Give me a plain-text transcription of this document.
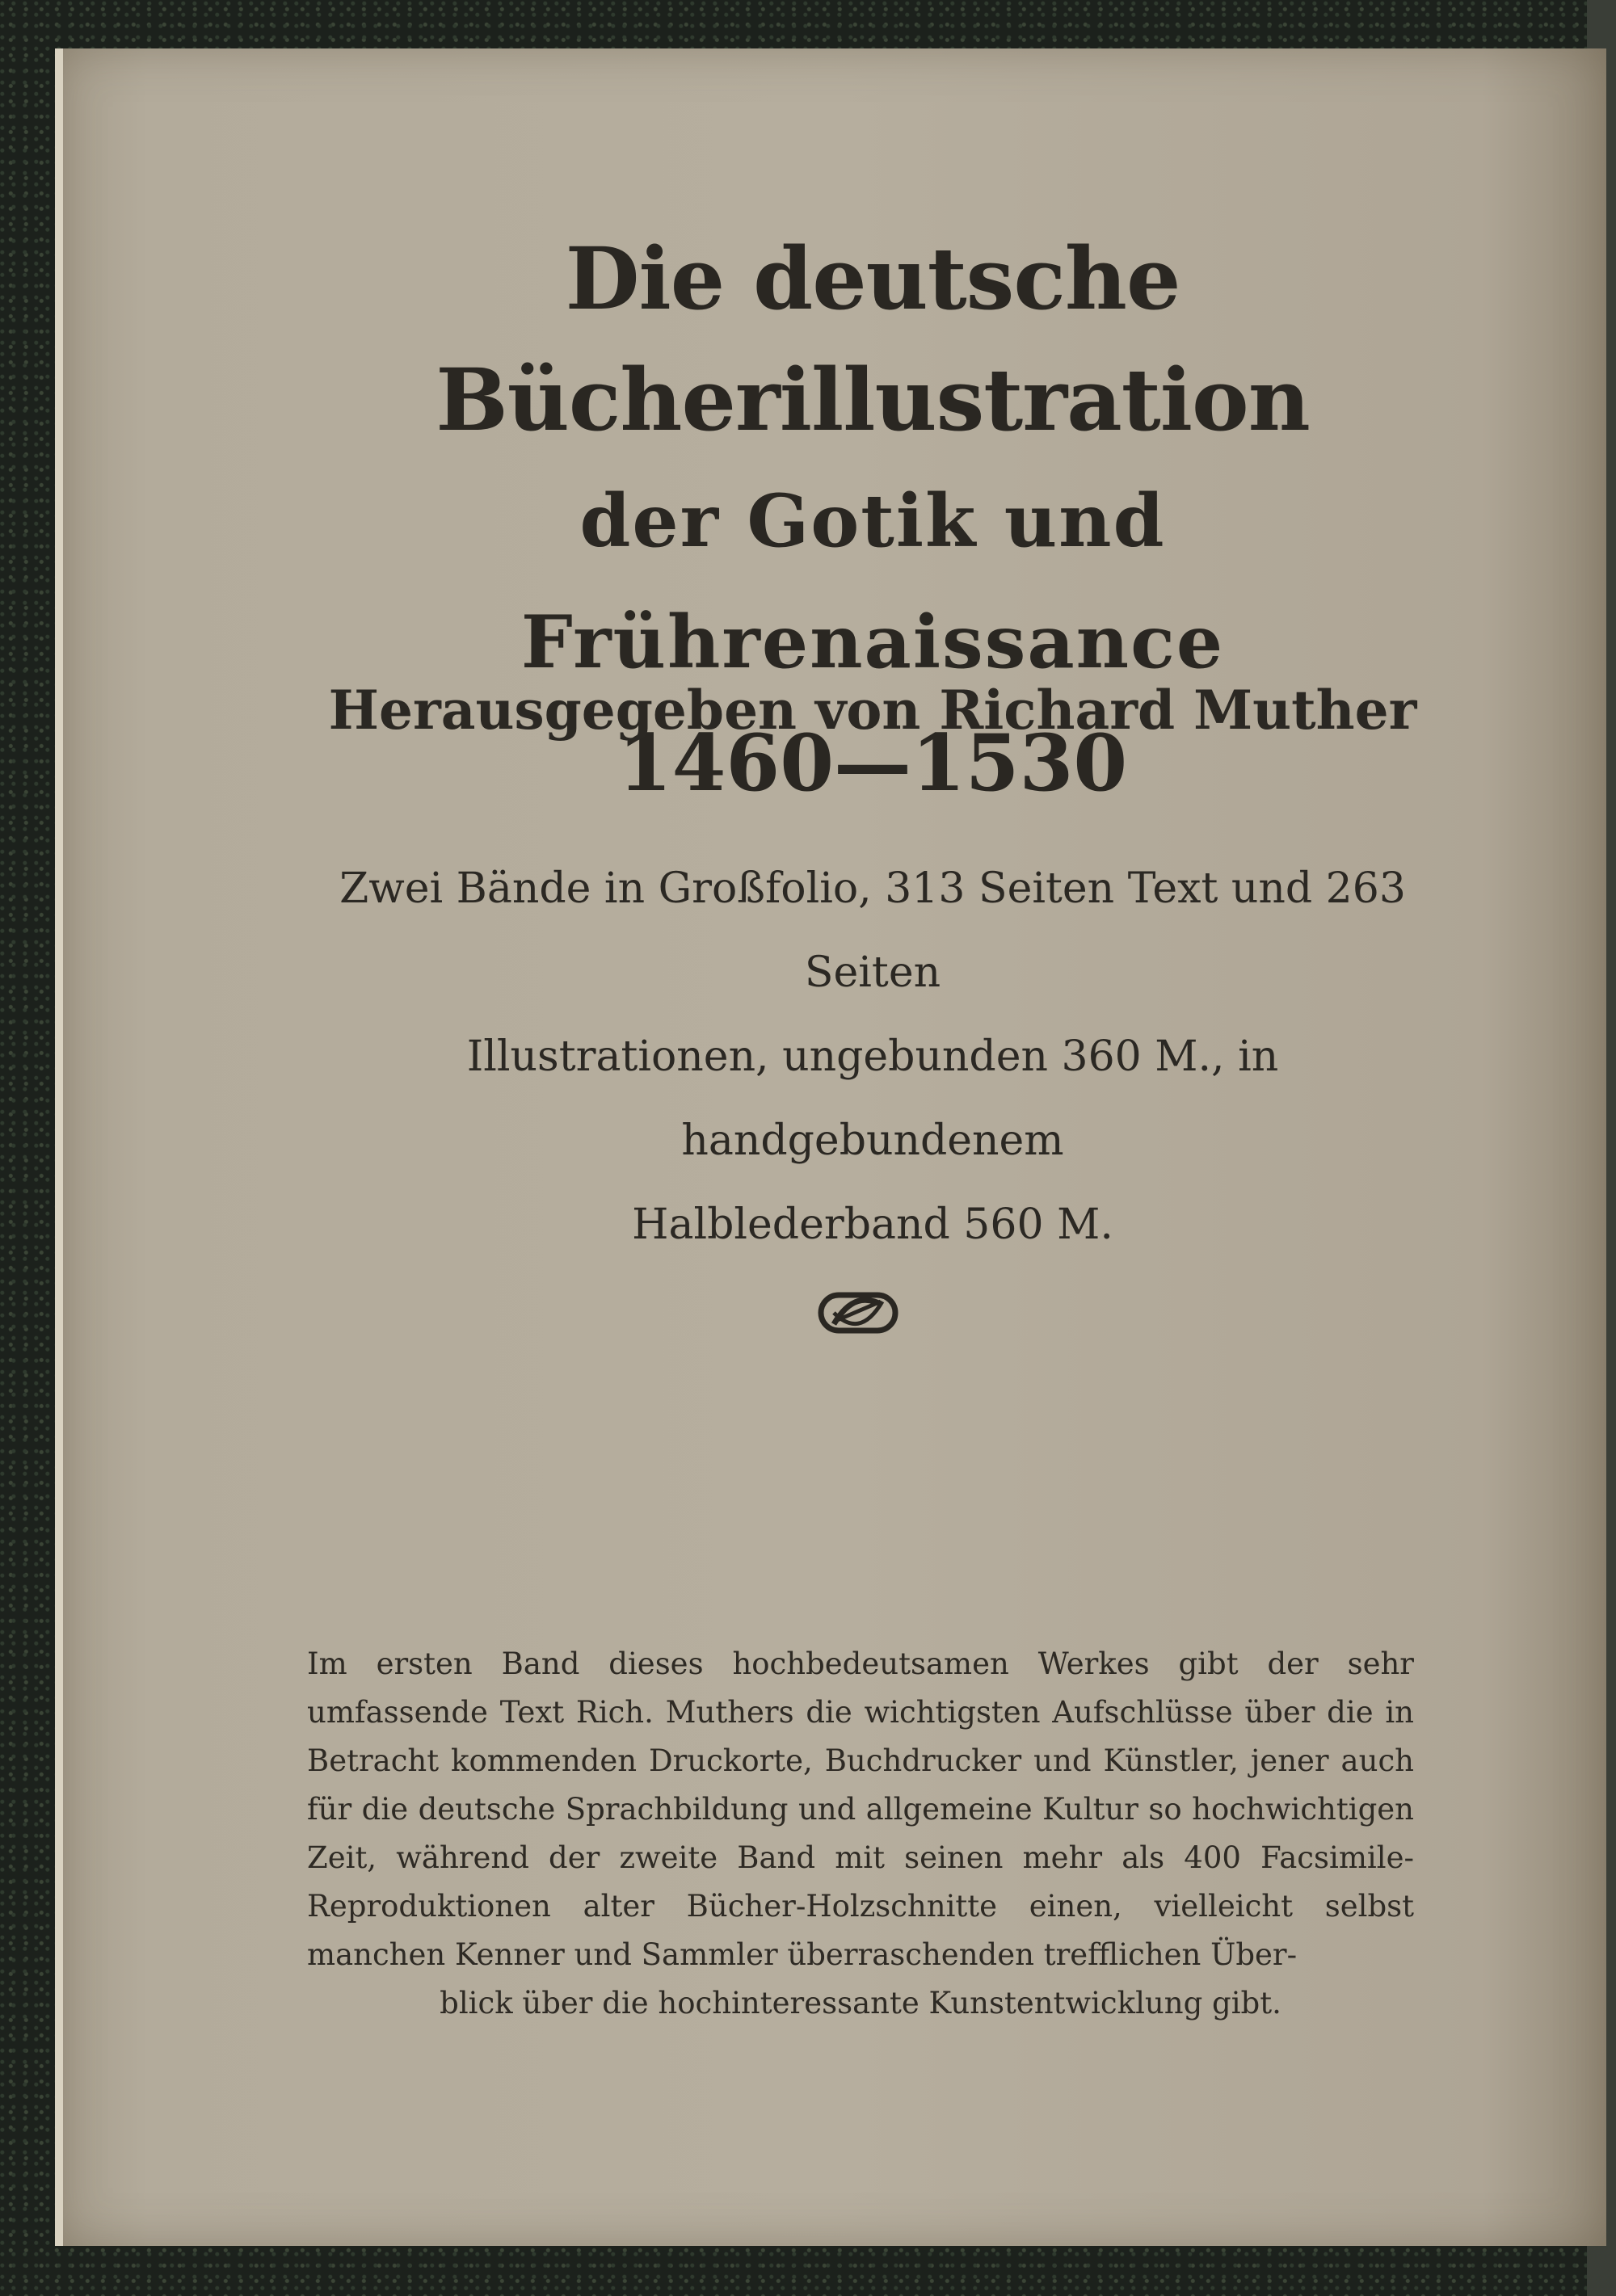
Die deutsche Bücherillustration
der Gotik und Frührenaissance
1460—1530
Herausgegeben von Richard Muther
Zwei Bände in Großfolio, 313 Seiten Text und 263 Seiten
Illustrationen, ungebunden 360 M., in handgebundenem
Halblederband 560 M.
Im ersten Band dieses hochbedeutsamen Werkes gibt der sehr umfassende Text Rich. Muthers die wichtigsten Aufschlüsse über die in Betracht kommenden Druckorte, Buchdrucker und Künstler, jener auch für die deutsche Sprachbildung und allgemeine Kultur so hochwichtigen Zeit, während der zweite Band mit seinen mehr als 400 Facsimile-Reproduktionen alter Bücher-Holzschnitte einen, vielleicht selbst manchen Kenner und Sammler überraschenden trefflichen Über-
blick über die hochinteressante Kunstentwicklung gibt.
